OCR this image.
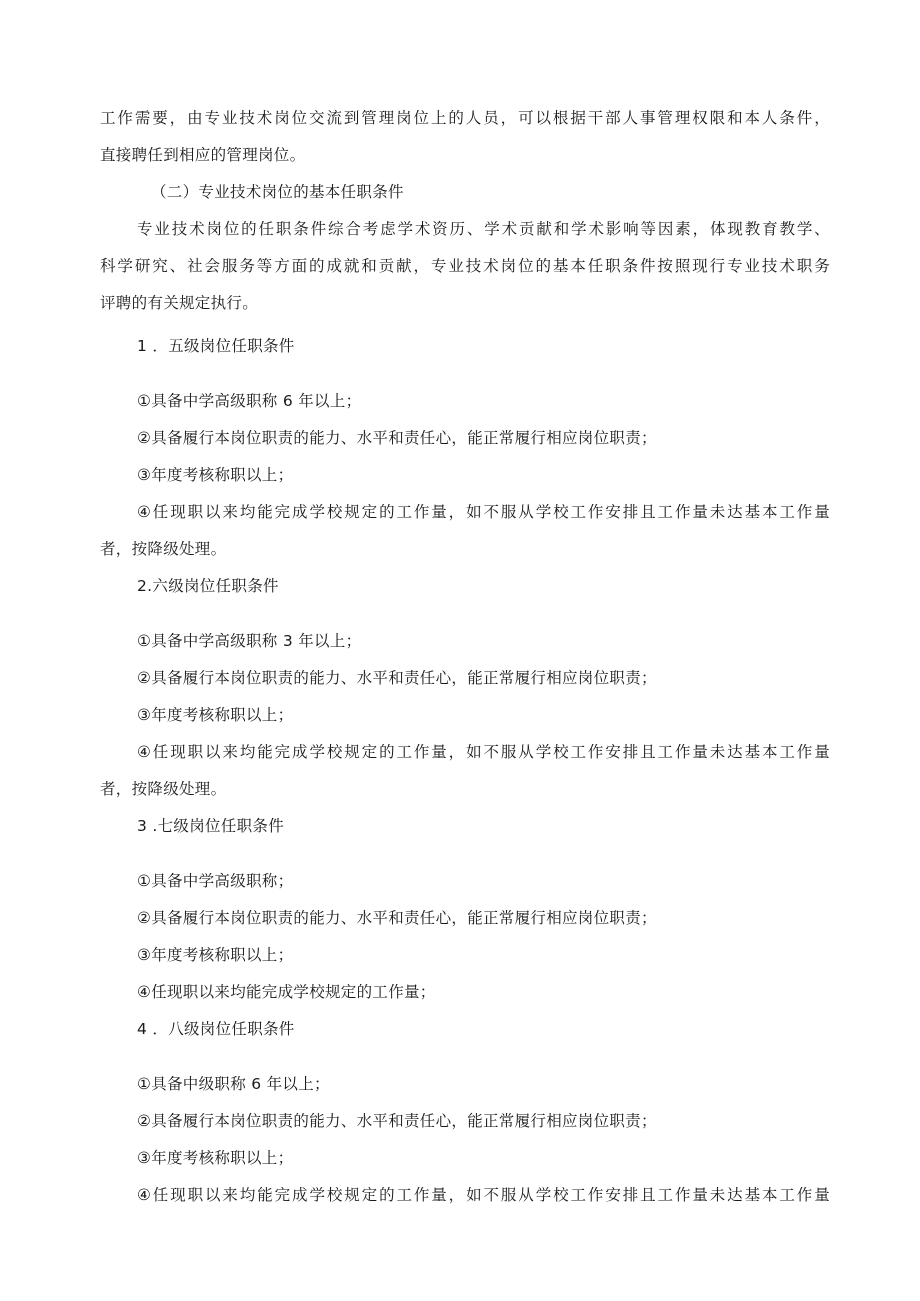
工作需要，由专业技术岗位交流到管理岗位上的人员，可以根据干部人事管理权限和本人条件，
直接聘任到相应的管理岗位。
（二）专业技术岗位的基本任职条件
专业技术岗位的任职条件综合考虑学术资历、学术贡献和学术影响等因素，体现教育教学、
科学研究、社会服务等方面的成就和贡献，专业技术岗位的基本任职条件按照现行专业技术职务
评聘的有关规定执行。
1 ．五级岗位任职条件
①具备中学高级职称 6 年以上；
②具备履行本岗位职责的能力、水平和责任心，能正常履行相应岗位职责；
③年度考核称职以上；
④任现职以来均能完成学校规定的工作量，如不服从学校工作安排且工作量未达基本工作量
者，按降级处理。
2.六级岗位任职条件
①具备中学高级职称 3 年以上；
②具备履行本岗位职责的能力、水平和责任心，能正常履行相应岗位职责；
③年度考核称职以上；
④任现职以来均能完成学校规定的工作量，如不服从学校工作安排且工作量未达基本工作量
者，按降级处理。
3 .七级岗位任职条件
①具备中学高级职称；
②具备履行本岗位职责的能力、水平和责任心，能正常履行相应岗位职责；
③年度考核称职以上；
④任现职以来均能完成学校规定的工作量；
4 ．八级岗位任职条件
①具备中级职称 6 年以上；
②具备履行本岗位职责的能力、水平和责任心，能正常履行相应岗位职责；
③年度考核称职以上；
④任现职以来均能完成学校规定的工作量，如不服从学校工作安排且工作量未达基本工作量
